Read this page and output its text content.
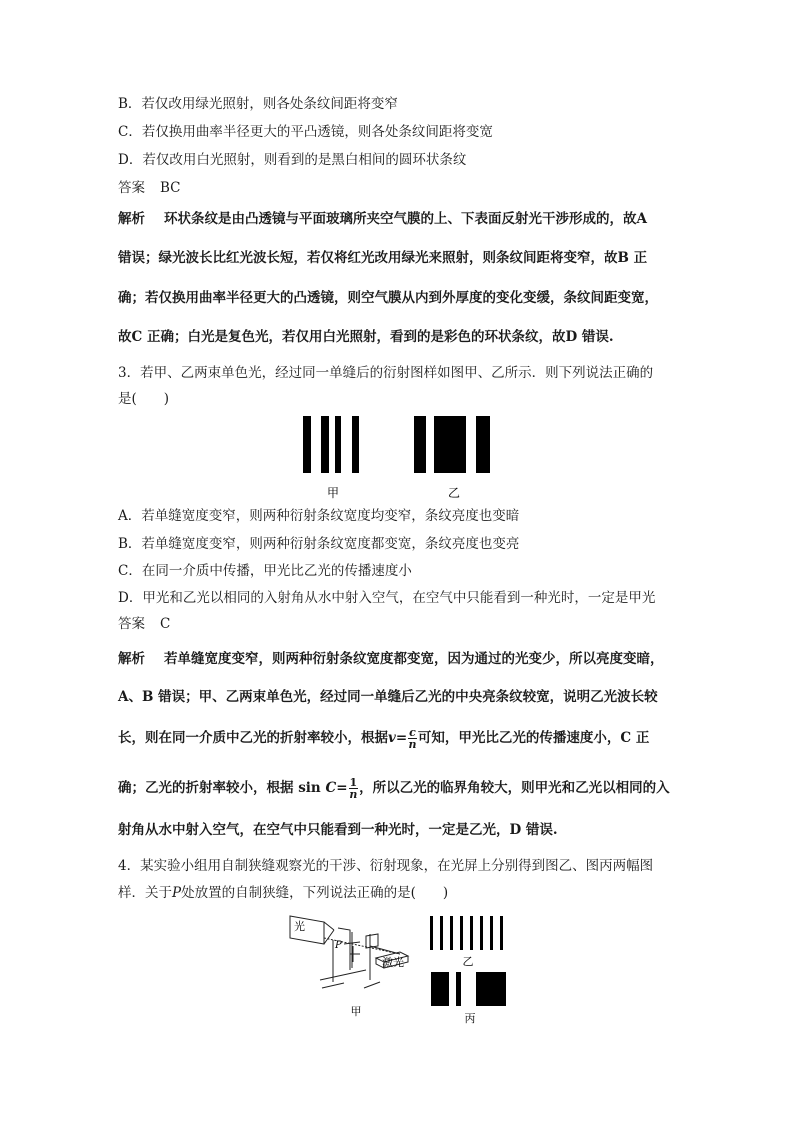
B．若仅改用绿光照射，则各处条纹间距将变窄
C．若仅换用曲率半径更大的平凸透镜，则各处条纹间距将变宽
D．若仅改用白光照射，则看到的是黑白相间的圆环状条纹
答案 BC
解析 环状条纹是由凸透镜与平面玻璃所夹空气膜的上、下表面反射光干涉形成的，故A
错误；绿光波长比红光波长短，若仅将红光改用绿光来照射，则条纹间距将变窄，故B 正
确；若仅换用曲率半径更大的凸透镜，则空气膜从内到外厚度的变化变缓，条纹间距变宽，
故C 正确；白光是复色光，若仅用白光照射，看到的是彩色的环状条纹，故D 错误.
3．若甲、乙两束单色光，经过同一单缝后的衍射图样如图甲、乙所示．则下列说法正确的
是(　　)
甲	乙
A．若单缝宽度变窄，则两种衍射条纹宽度均变窄，条纹亮度也变暗
B．若单缝宽度变窄，则两种衍射条纹宽度都变宽，条纹亮度也变亮
C．在同一介质中传播，甲光比乙光的传播速度小
D．甲光和乙光以相同的入射角从水中射入空气，在空气中只能看到一种光时，一定是甲光
答案 C
解析 若单缝宽度变窄，则两种衍射条纹宽度都变宽，因为通过的光变少，所以亮度变暗，
A、B 错误；甲、乙两束单色光，经过同一单缝后乙光的中央亮条纹较宽，说明乙光波长较
长，则在同一介质中乙光的折射率较小，根据$v= \frac{c}{n}$ 可知，甲光比乙光的传播速度小，C 正
确；乙光的折射率较小，根据 $\sin C= \frac{1}{n}$ ，所以乙光的临界角较大，则甲光和乙光以相同的入
射角从水中射入空气，在空气中只能看到一种光时，一定是乙光，D 错误.
4．某实验小组用自制狭缝观察光的干涉、衍射现象，在光屏上分别得到图乙、图丙两幅图
样．关于P处放置的自制狭缝，下列说法正确的是(　　)
光
P
激光
甲
乙
丙
